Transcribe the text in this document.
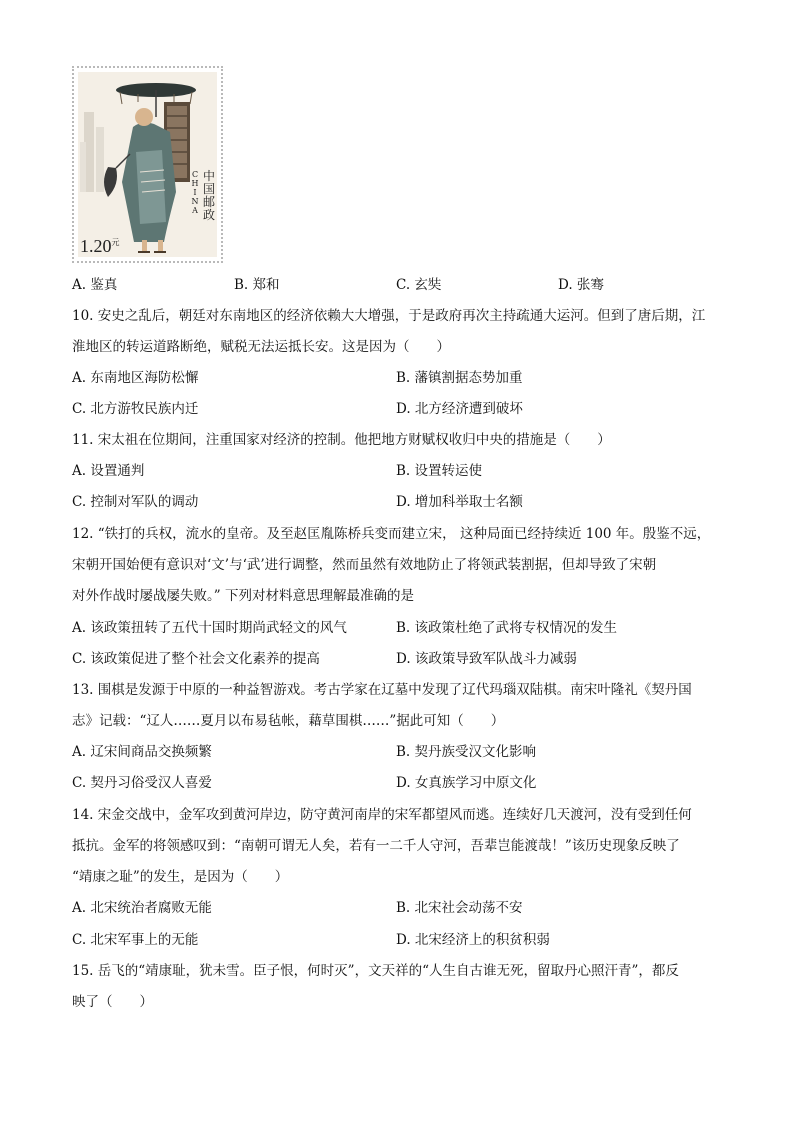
$1.20^元$
CHINA
中国邮政
A. 鉴真	B. 郑和	C. 玄奘	D. 张骞
10. 安史之乱后，朝廷对东南地区的经济依赖大大增强，于是政府再次主持疏通大运河。但到了唐后期，江
淮地区的转运道路断绝，赋税无法运抵长安。这是因为（　　）
A. 东南地区海防松懈	B. 藩镇割据态势加重
C. 北方游牧民族内迁	D. 北方经济遭到破坏
11. 宋太祖在位期间，注重国家对经济的控制。他把地方财赋权收归中央的措施是（　　）
A. 设置通判	B. 设置转运使
C. 控制对军队的调动	D. 增加科举取士名额
12. “铁打的兵权，流水的皇帝。及至赵匡胤陈桥兵变而建立宋， 这种局面已经持续近 100 年。殷鉴不远，
宋朝开国始便有意识对‘文’与‘武’进行调整，然而虽然有效地防止了将领武装割据，但却导致了宋朝
对外作战时屡战屡失败。” 下列对材料意思理解最准确的是
A. 该政策扭转了五代十国时期尚武轻文的风气	B. 该政策杜绝了武将专权情况的发生
C. 该政策促进了整个社会文化素养的提高	D. 该政策导致军队战斗力减弱
13. 围棋是发源于中原的一种益智游戏。考古学家在辽墓中发现了辽代玛瑙双陆棋。南宋叶隆礼《契丹国
志》记载：“辽人……夏月以布易毡帐，藉草围棋……”据此可知（　　）
A. 辽宋间商品交换频繁	B. 契丹族受汉文化影响
C. 契丹习俗受汉人喜爱	D. 女真族学习中原文化
14. 宋金交战中，金军攻到黄河岸边，防守黄河南岸的宋军都望风而逃。连续好几天渡河，没有受到任何
抵抗。金军的将领感叹到：“南朝可谓无人矣，若有一二千人守河，吾辈岂能渡哉！”该历史现象反映了
“靖康之耻”的发生，是因为（　　）
A. 北宋统治者腐败无能	B. 北宋社会动荡不安
C. 北宋军事上的无能	D. 北宋经济上的积贫积弱
15. 岳飞的“靖康耻，犹未雪。臣子恨，何时灭”，文天祥的“人生自古谁无死，留取丹心照汗青”，都反
映了（　　）
